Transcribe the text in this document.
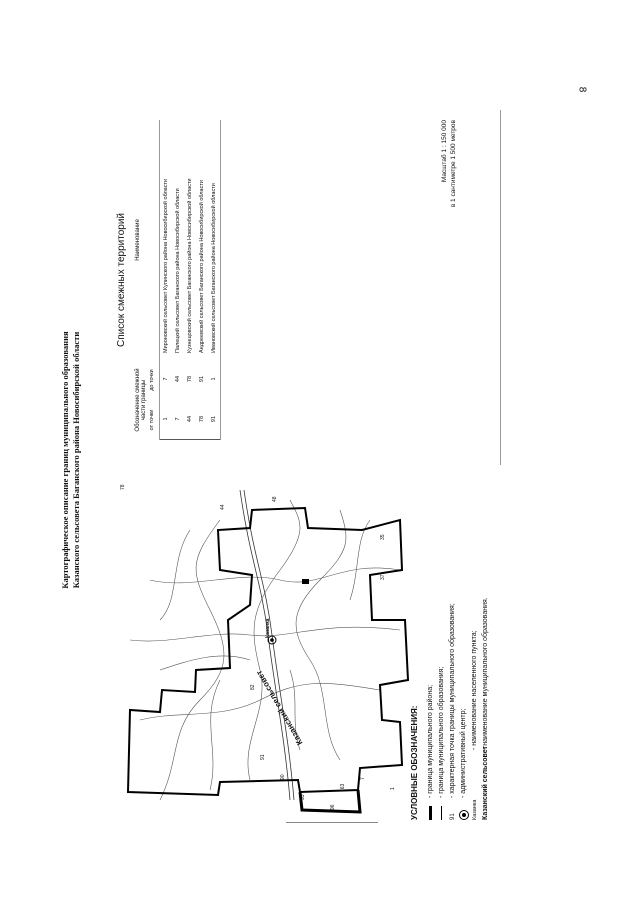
8
Картографическое описание границ муниципального образования Казанского сельсовета Баганского района Новосибирской области
Казанский сельсовет
Казанка
1
7
163
96
93
90
91
82
78
44
48
35
37
УСЛОВНЫЕ ОБОЗНАЧЕНИЯ: - граница муниципального района; - граница муниципального образования;
91
- характерная точка границы муниципального образования; - административный центр;
Казанка
- наименование населенного пункта;
Казанский сельсовет
- наименование муниципального образования.
Список смежных территорий
Обозначение смежной части границы
Наименование
от точки
до точки
1
7
Мироновский сельсовет Купинского района Новосибирской области
7
44
Палецкий сельсовет Баганского района Новосибирской области
44
78
Кузнецовский сельсовет Баганского района Новосибирской области
78
91
Андреевский сельсовет Баганского района Новосибирской области
91
1
Ивановский сельсовет Баганского района Новосибирской области
Масштаб 1 : 150 000 в 1 сантиметре 1 500 метров
